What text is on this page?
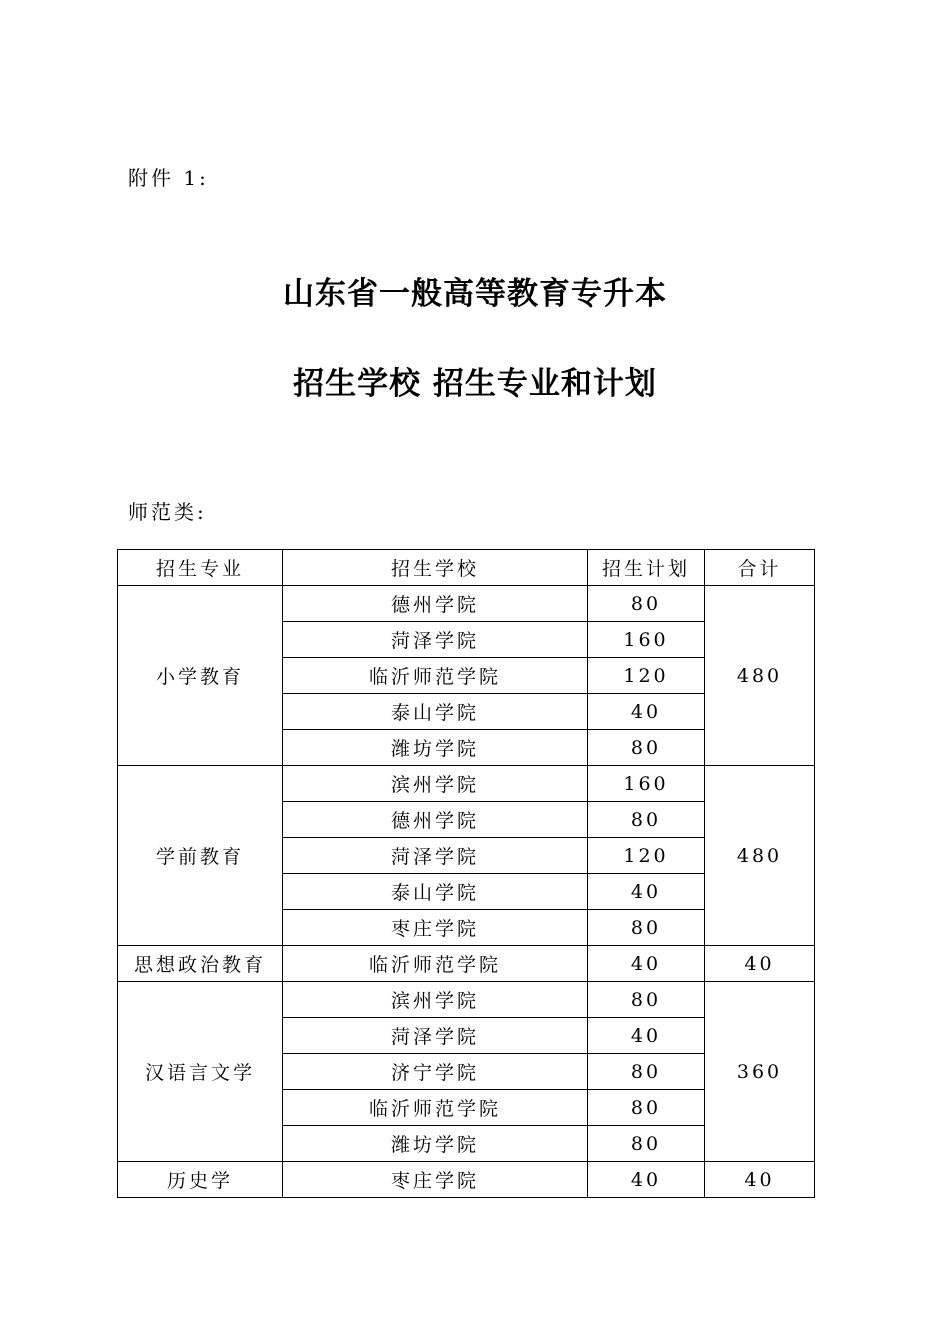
附件 1:
山东省一般高等教育专升本
招生学校 招生专业和计划
师范类:
招生专业	招生学校	招生计划	合计
小学教育	德州学院	80	480
	菏泽学院	160	
	临沂师范学院	120	
	泰山学院	40	
	潍坊学院	80	
学前教育	滨州学院	160	480
	德州学院	80	
	菏泽学院	120	
	泰山学院	40	
	枣庄学院	80	
思想政治教育	临沂师范学院	40	40
汉语言文学	滨州学院	80	360
	菏泽学院	40	
	济宁学院	80	
	临沂师范学院	80	
	潍坊学院	80	
历史学	枣庄学院	40	40
